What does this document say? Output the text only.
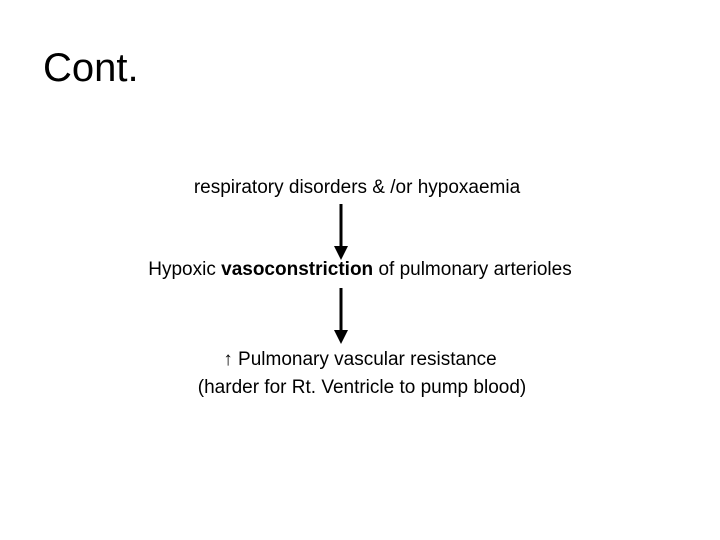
Cont.
respiratory disorders & /or hypoxaemia
Hypoxic vasoconstriction of pulmonary arterioles
↑ Pulmonary vascular resistance
(harder for Rt. Ventricle to pump blood)
